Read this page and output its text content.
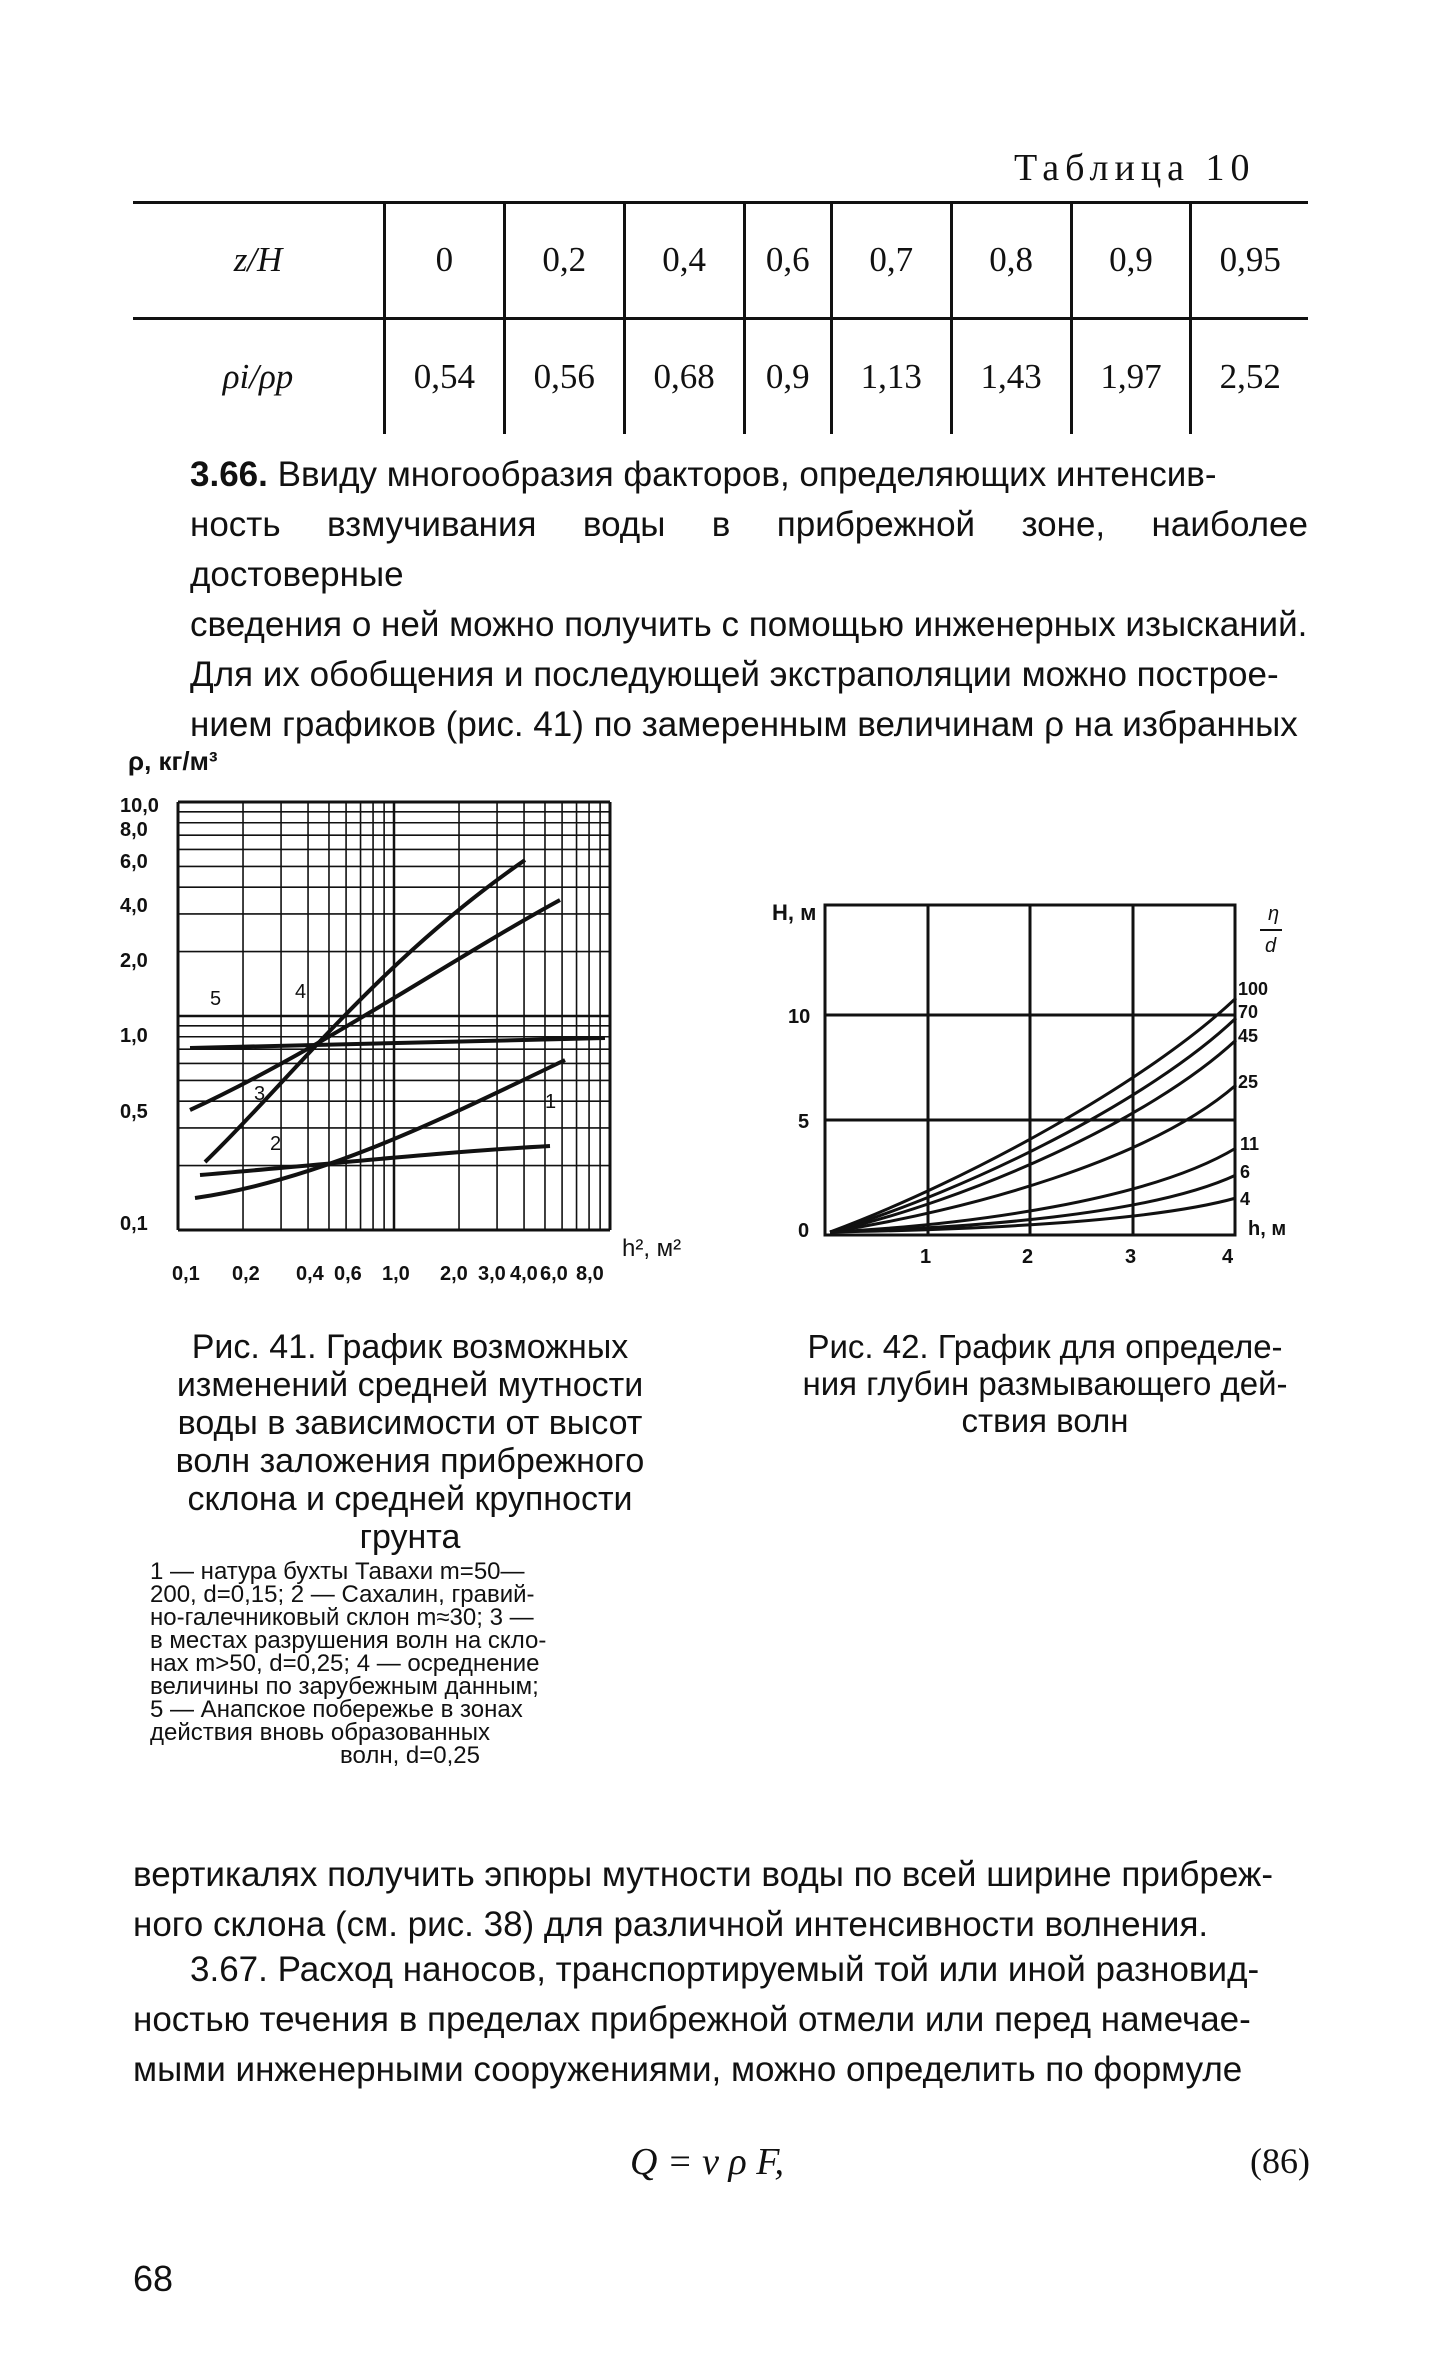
Таблица 10
z/H	0	0,2	0,4	0,6	0,7	0,8	0,9	0,95
ρi/ρp	0,54	0,56	0,68	0,9	1,13	1,43	1,97	2,52
3.66. Ввиду многообразия факторов, определяющих интенсив-
ность взмучивания воды в прибрежной зоне, наиболее достоверные
сведения о ней можно получить с помощью инженерных изысканий.
Для их обобщения и последующей экстраполяции можно построе-
нием графиков (рис. 41) по замеренным величинам ρ на избранных
ρ, кг/м³
10,0
8,0
6,0
4,0
2,0
1,0
0,5
0,1
0,1 0,2 0,4 0,6 1,0 2,0 3,0 4,0 6,0 8,0
h², м²
1
2
3
4
5
Рис. 41. График возможных
изменений средней мутности
воды в зависимости от высот
волн заложения прибрежного
склона и средней крупности
грунта
1 — натура бухты Тавахи m=50—
200, d=0,15; 2 — Сахалин, гравий-
но-галечниковый склон m≈30; 3 —
в местах разрушения волн на скло-
нах m>50, d=0,25; 4 — осреднение
величины по зарубежным данным;
5 — Анапское побережье в зонах
действия вновь образованных
волн, d=0,25
H, м
10
5
0
1	2	3	4
h, м
η
d
100
70
45
25
11
6
4
Рис. 42. График для определе-
ния глубин размывающего дей-
ствия волн
вертикалях получить эпюры мутности воды по всей ширине прибреж-
ного склона (см. рис. 38) для различной интенсивности волнения.
3.67. Расход наносов, транспортируемый той или иной разновид-

ностью течения в пределах прибрежной отмели или перед намечае-
мыми инженерными сооружениями, можно определить по формуле
Q = v ρ F,	(86)
68
